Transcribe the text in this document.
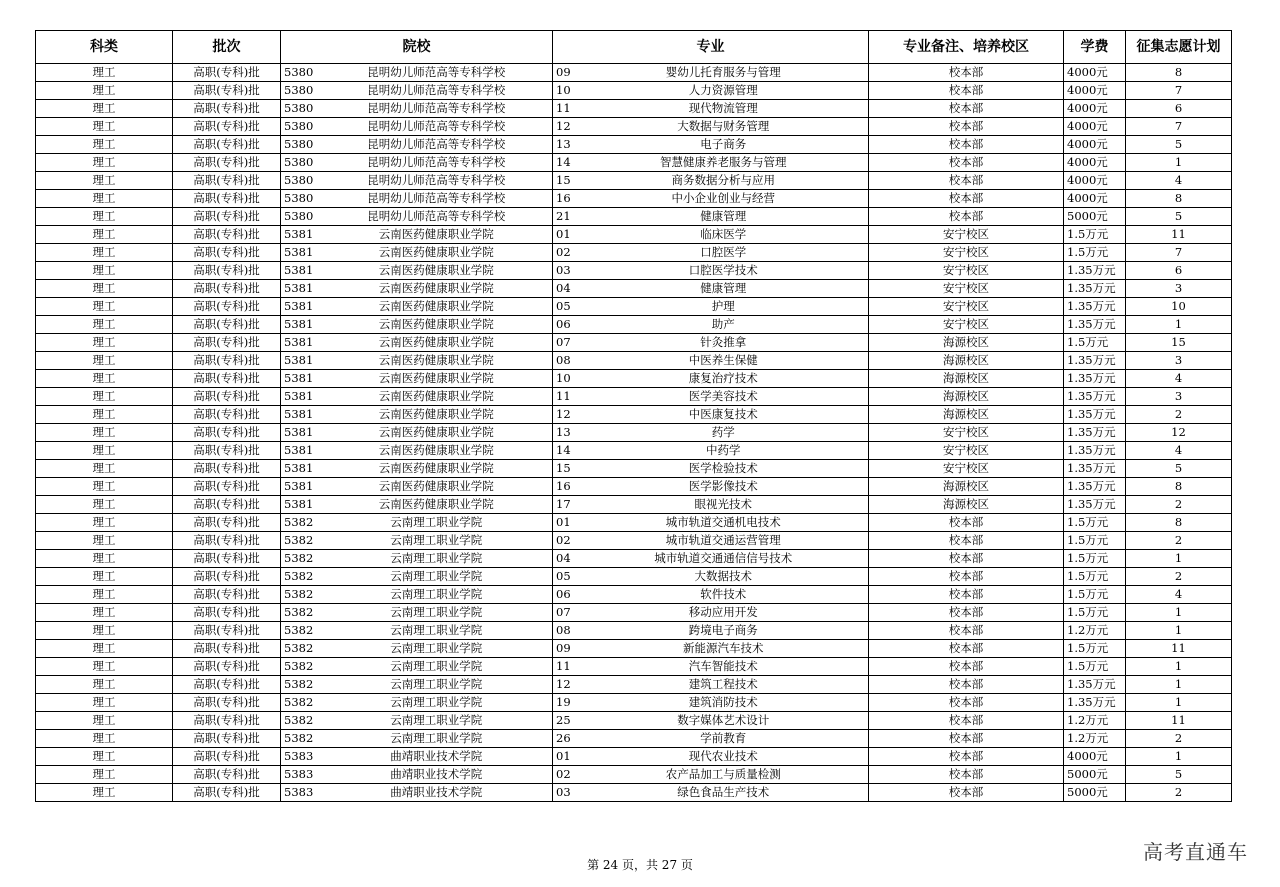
科类	批次	院校		专业		专业备注、培养校区	学费	征集志愿计划
理工	高职(专科)批	5380	昆明幼儿师范高等专科学校	09	婴幼儿托育服务与管理	校本部	4000元	8
理工	高职(专科)批	5380	昆明幼儿师范高等专科学校	10	人力资源管理	校本部	4000元	7
理工	高职(专科)批	5380	昆明幼儿师范高等专科学校	11	现代物流管理	校本部	4000元	6
理工	高职(专科)批	5380	昆明幼儿师范高等专科学校	12	大数据与财务管理	校本部	4000元	7
理工	高职(专科)批	5380	昆明幼儿师范高等专科学校	13	电子商务	校本部	4000元	5
理工	高职(专科)批	5380	昆明幼儿师范高等专科学校	14	智慧健康养老服务与管理	校本部	4000元	1
理工	高职(专科)批	5380	昆明幼儿师范高等专科学校	15	商务数据分析与应用	校本部	4000元	4
理工	高职(专科)批	5380	昆明幼儿师范高等专科学校	16	中小企业创业与经营	校本部	4000元	8
理工	高职(专科)批	5380	昆明幼儿师范高等专科学校	21	健康管理	校本部	5000元	5
理工	高职(专科)批	5381	云南医药健康职业学院	01	临床医学	安宁校区	1.5万元	11
理工	高职(专科)批	5381	云南医药健康职业学院	02	口腔医学	安宁校区	1.5万元	7
理工	高职(专科)批	5381	云南医药健康职业学院	03	口腔医学技术	安宁校区	1.35万元	6
理工	高职(专科)批	5381	云南医药健康职业学院	04	健康管理	安宁校区	1.35万元	3
理工	高职(专科)批	5381	云南医药健康职业学院	05	护理	安宁校区	1.35万元	10
理工	高职(专科)批	5381	云南医药健康职业学院	06	助产	安宁校区	1.35万元	1
理工	高职(专科)批	5381	云南医药健康职业学院	07	针灸推拿	海源校区	1.5万元	15
理工	高职(专科)批	5381	云南医药健康职业学院	08	中医养生保健	海源校区	1.35万元	3
理工	高职(专科)批	5381	云南医药健康职业学院	10	康复治疗技术	海源校区	1.35万元	4
理工	高职(专科)批	5381	云南医药健康职业学院	11	医学美容技术	海源校区	1.35万元	3
理工	高职(专科)批	5381	云南医药健康职业学院	12	中医康复技术	海源校区	1.35万元	2
理工	高职(专科)批	5381	云南医药健康职业学院	13	药学	安宁校区	1.35万元	12
理工	高职(专科)批	5381	云南医药健康职业学院	14	中药学	安宁校区	1.35万元	4
理工	高职(专科)批	5381	云南医药健康职业学院	15	医学检验技术	安宁校区	1.35万元	5
理工	高职(专科)批	5381	云南医药健康职业学院	16	医学影像技术	海源校区	1.35万元	8
理工	高职(专科)批	5381	云南医药健康职业学院	17	眼视光技术	海源校区	1.35万元	2
理工	高职(专科)批	5382	云南理工职业学院	01	城市轨道交通机电技术	校本部	1.5万元	8
理工	高职(专科)批	5382	云南理工职业学院	02	城市轨道交通运营管理	校本部	1.5万元	2
理工	高职(专科)批	5382	云南理工职业学院	04	城市轨道交通通信信号技术	校本部	1.5万元	1
理工	高职(专科)批	5382	云南理工职业学院	05	大数据技术	校本部	1.5万元	2
理工	高职(专科)批	5382	云南理工职业学院	06	软件技术	校本部	1.5万元	4
理工	高职(专科)批	5382	云南理工职业学院	07	移动应用开发	校本部	1.5万元	1
理工	高职(专科)批	5382	云南理工职业学院	08	跨境电子商务	校本部	1.2万元	1
理工	高职(专科)批	5382	云南理工职业学院	09	新能源汽车技术	校本部	1.5万元	11
理工	高职(专科)批	5382	云南理工职业学院	11	汽车智能技术	校本部	1.5万元	1
理工	高职(专科)批	5382	云南理工职业学院	12	建筑工程技术	校本部	1.35万元	1
理工	高职(专科)批	5382	云南理工职业学院	19	建筑消防技术	校本部	1.35万元	1
理工	高职(专科)批	5382	云南理工职业学院	25	数字媒体艺术设计	校本部	1.2万元	11
理工	高职(专科)批	5382	云南理工职业学院	26	学前教育	校本部	1.2万元	2
理工	高职(专科)批	5383	曲靖职业技术学院	01	现代农业技术	校本部	4000元	1
理工	高职(专科)批	5383	曲靖职业技术学院	02	农产品加工与质量检测	校本部	5000元	5
理工	高职(专科)批	5383	曲靖职业技术学院	03	绿色食品生产技术	校本部	5000元	2
第 24 页，共 27 页
高考直通车
